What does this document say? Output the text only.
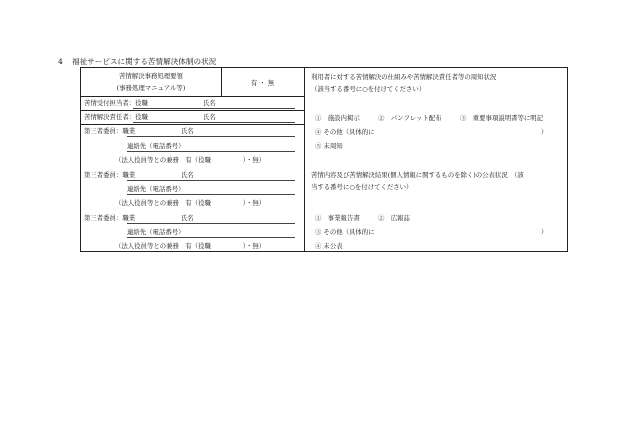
4 福祉サービスに関する苦情解決体制の状況
苦情解決事務処理要領
(事務処理マニュアル等)
有 ・ 無
苦情受付担当者：役職	氏名
苦情解決責任者：役職	氏名
第三者委員：職業	氏名
連絡先（電話番号）
（法人役員等との兼務　有（役職　　　　　）・無）
第三者委員：職業	氏名
連絡先（電話番号）
（法人役員等との兼務　有（役職　　　　　）・無）
第三者委員：職業	氏名
連絡先（電話番号）
（法人役員等との兼務　有（役職　　　　　）・無）
利用者に対する苦情解決の仕組みや苦情解決責任者等の周知状況
（該当する番号に○を付けてください）
①　施設内掲示	②　パンフレット配布	③　重要事項説明書等に明記
④ その他（具体的に	）
⑤ 未周知
苦情内容及び苦情解決結果(個人情報に関するものを除く)の公表状況　（該
当する番号に○を付けてください）
①　事業報告書	②　広報誌
③ その他（具体的に	）
④ 未公表
